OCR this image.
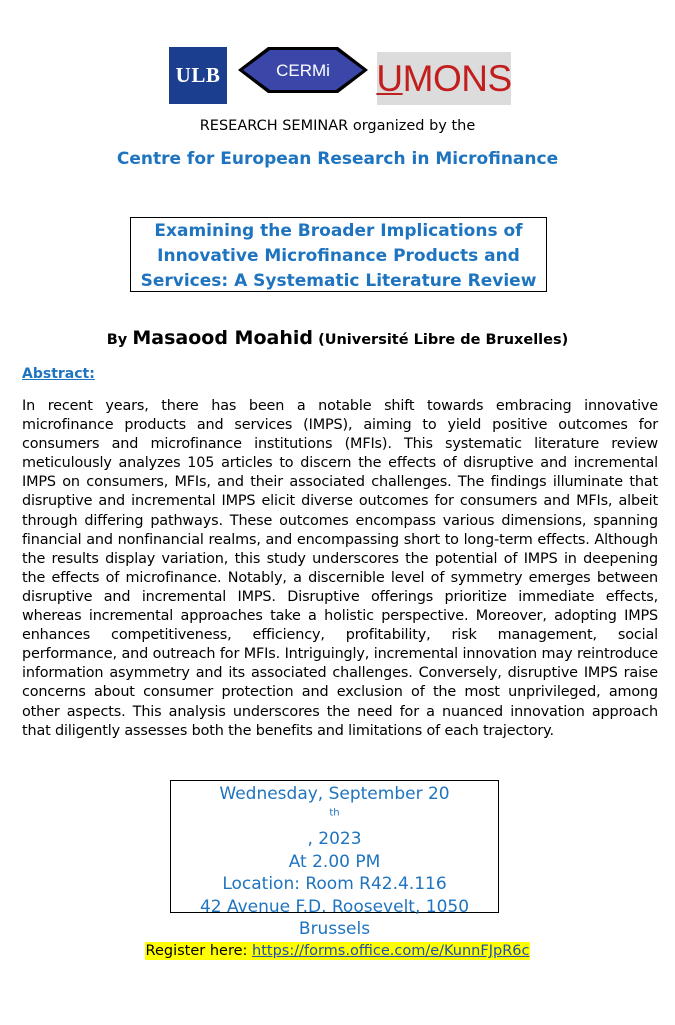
ULB	CERMi UMONS
RESEARCH SEMINAR organized by the
Centre for European Research in Microfinance
Examining the Broader Implications of
Innovative Microfinance Products and
Services: A Systematic Literature Review
By Masaood Moahid (Université Libre de Bruxelles)
Abstract:
In recent years, there has been a notable shift towards embracing innovative microfinance products and services (IMPS), aiming to yield positive outcomes for consumers and microfinance institutions (MFIs). This systematic literature review meticulously analyzes 105 articles to discern the effects of disruptive and incremental IMPS on consumers, MFIs, and their associated challenges. The findings illuminate that disruptive and incremental IMPS elicit diverse outcomes for consumers and MFIs, albeit through differing pathways. These outcomes encompass various dimensions, spanning financial and nonfinancial realms, and encompassing short to long-term effects. Although the results display variation, this study underscores the potential of IMPS in deepening the effects of microfinance. Notably, a discernible level of symmetry emerges between disruptive and incremental IMPS. Disruptive offerings prioritize immediate effects, whereas incremental approaches take a holistic perspective. Moreover, adopting IMPS enhances competitiveness, efficiency, profitability, risk management, social performance, and outreach for MFIs. Intriguingly, incremental innovation may reintroduce information asymmetry and its associated challenges. Conversely, disruptive IMPS raise concerns about consumer protection and exclusion of the most unprivileged, among other aspects. This analysis underscores the need for a nuanced innovation approach that diligently assesses both the benefits and limitations of each trajectory.
Wednesday, September 20
$^{th}$
, 2023
At 2.00 PM
Location: Room R42.4.116
42 Avenue F.D. Roosevelt, 1050
Brussels
Register here: https://forms.office.com/e/KunnFJpR6c
